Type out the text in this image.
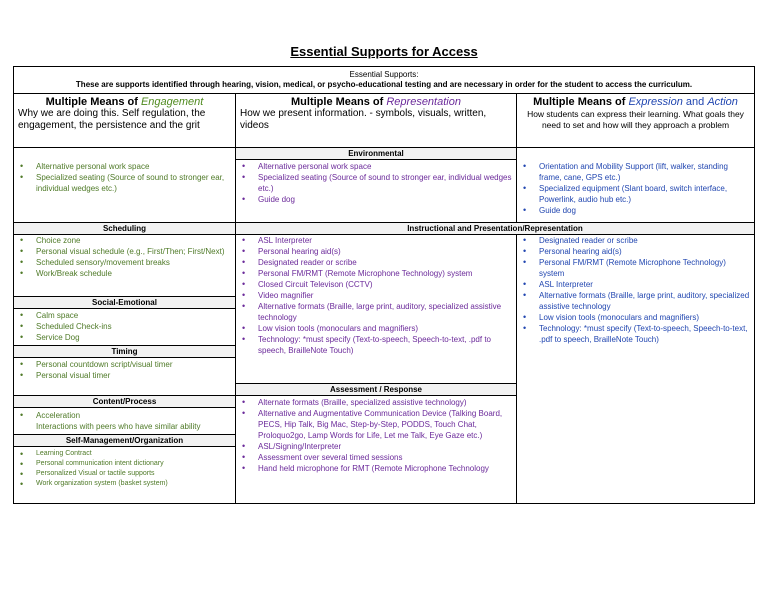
Essential Supports for Access
Essential Supports:
These are supports identified through hearing, vision, medical, or psycho-educational testing and are necessary in order for the student to access the curriculum.
Multiple Means of Engagement
Why we are doing this. Self regulation, the engagement, the persistence and the grit
Multiple Means of Representation
How we present information. - symbols, visuals, written, videos
Multiple Means of Expression and Action
How students can express their learning. What goals they need to set and how will they approach a problem
Environmental
• Alternative personal work space
• Specialized seating (Source of sound to stronger ear, individual wedges etc.)
• Alternative personal work space
• Specialized seating (Source of sound to stronger ear, individual wedges etc.)
• Guide dog
• Orientation and Mobility Support (lift, walker, standing frame, cane, GPS etc.)
• Specialized equipment (Slant board, switch interface, Powerlink, audio hub etc.)
• Guide dog
Scheduling
• Choice zone
• Personal visual schedule (e.g., First/Then; First/Next)
• Scheduled sensory/movement breaks
• Work/Break schedule
Social-Emotional
• Calm space
• Scheduled Check-ins
• Service Dog
Timing
• Personal countdown script/visual timer
• Personal visual timer
Content/Process
• Acceleration
Interactions with peers who have similar ability
Self-Management/Organization
• Learning Contract
• Personal communication intent dictionary
• Personalized Visual or tactile supports
• Work organization system (basket system)
Instructional and Presentation/Representation
• ASL Interpreter
• Personal hearing aid(s)
• Designated reader or scribe
• Personal FM/RMT (Remote Microphone Technology) system
• Closed Circuit Televison (CCTV)
• Video magnifier
• Alternative formats (Braille, large print, auditory, specialized assistive technology
• Low vision tools (monoculars and magnifiers)
• Technology: *must specify (Text-to-speech, Speech-to-text, .pdf to speech, BrailleNote Touch)
• Designated reader or scribe
• Personal hearing aid(s)
• Personal FM/RMT (Remote Microphone Technology) system
• ASL Interpreter
• Alternative formats (Braille, large print, auditory, specialized assistive technology
• Low vision tools (monoculars and magnifiers)
• Technology: *must specify (Text-to-speech, Speech-to-text, .pdf to speech, BrailleNote Touch)
Assessment / Response
• Alternate formats (Braille, specialized assistive technology)
• Alternative and Augmentative Communication Device (Talking Board, PECS, Hip Talk, Big Mac, Step-by-Step, PODDS, Touch Chat, Proloquo2go, Lamp Words for Life, Let me Talk, Eye Gaze etc.)
• ASL/Signing/Interpreter
• Assessment over several timed sessions
• Hand held microphone for RMT (Remote Microphone Technology
